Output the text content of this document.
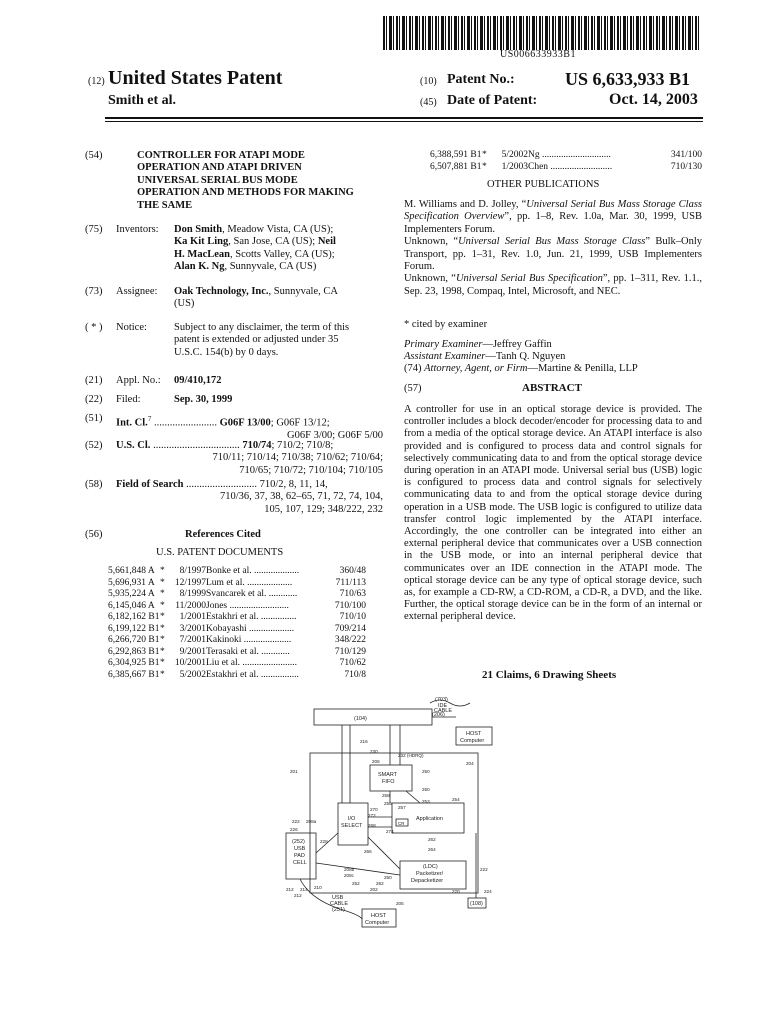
US006633933B1
(12) United States Patent
Smith et al.
(10) Patent No.:	US 6,633,933 B1
(45) Date of Patent:	Oct. 14, 2003
(54)	CONTROLLER FOR ATAPI MODE
OPERATION AND ATAPI DRIVEN
UNIVERSAL SERIAL BUS MODE
OPERATION AND METHODS FOR MAKING
THE SAME
(75) Inventors: Don Smith, Meadow Vista, CA (US);
Ka Kit Ling, San Jose, CA (US); Neil
H. MacLean, Scotts Valley, CA (US);
Alan K. Ng, Sunnyvale, CA (US)
(73) Assignee: Oak Technology, Inc., Sunnyvale, CA
(US)
( * ) Notice:	Subject to any disclaimer, the term of this
patent is extended or adjusted under 35
U.S.C. 154(b) by 0 days.
(21) Appl. No.: 09/410,172
(22) Filed:	Sep. 30, 1999
(51) Int. Cl.$^7$ ........................ G06F 13/00; G06F 13/12;
G06F 3/00; G06F 5/00
(52) U.S. Cl. ................................. 710/74; 710/2; 710/8;
710/11; 710/14; 710/38; 710/62; 710/64;
710/65; 710/72; 710/104; 710/105
(58) Field of Search ........................... 710/2, 8, 11, 14,
710/36, 37, 38, 62–65, 71, 72, 74, 104,
105, 107, 129; 348/222, 232
(56)	References Cited
U.S. PATENT DOCUMENTS
5,661,848 A *	8/1997 Bonke et al. ...................	360/48
5,696,931 A *	12/1997 Lum et al. ...................	711/113
5,935,224 A *	8/1999 Svancarek et al. ............	710/63
6,145,046 A *	11/2000 Jones .........................	710/100
6,182,162 B1 *	1/2001 Estakhri et al. ...............	710/10
6,199,122 B1 *	3/2001 Kobayashi ...................	709/214
6,266,720 B1 *	7/2001 Kakinoki ....................	348/222
6,292,863 B1 *	9/2001 Terasaki et al. ............	710/129
6,304,925 B1 *	10/2001 Liu et al. .......................	710/62
6,385,667 B1 *	5/2002 Estakhri et al. ................	710/8
6,388,591 B1 *	5/2002 Ng .............................	341/100
6,507,881 B1 *	1/2003 Chen ..........................	710/130
OTHER PUBLICATIONS
M. Williams and D. Jolley, “Universal Serial Bus Mass Storage Class Specification Overview”, pp. 1–8, Rev. 1.0a, Mar. 30, 1999, USB Implementers Forum.
Unknown, “Universal Serial Bus Mass Storage Class” Bulk–Only Transport, pp. 1–31, Rev. 1.0, Jun. 21, 1999, USB Implementers Forum.
Unknown, “Universal Serial Bus Specification”, pp. 1–311, Rev. 1.1., Sep. 23, 1998, Compaq, Intel, Microsoft, and NEC.
* cited by examiner
Primary Examiner—Jeffrey Gaffin
Assistant Examiner—Tanh Q. Nguyen
(74) Attorney, Agent, or Firm—Martine & Penilla, LLP
(57)	ABSTRACT
A controller for use in an optical storage device is provided. The controller includes a block decoder/encoder for processing data to and from a media of the optical storage device. An ATAPI interface is also provided and is configured to process data and control signals for selectively communicating data to and from the optical storage device during operation in an ATAPI mode. Universal serial bus (USB) logic is configured to process data and control signals for selectively communicating data to and from the optical storage device during operation in a USB mode. The USB logic is configured to utilize data transfer control logic implemented by the ATAPI interface. Accordingly, the one controller can be integrated into either an external peripheral device that communicates over a USB connection in the USB mode, or into an internal peripheral device that communicates over an IDE connection in the ATAPI mode. The optical storage device can be any type of optical storage device, such as, for example a CD-RW, a CD-ROM, a CD-R, a DVD, and the like. Further, the optical storage device can be in the form of an internal or external peripheral device.
21 Claims, 6 Drawing Sheets
(703)
IDE
CABLE
(206)
HOST
Computer
(104)
SMART
FIFO
I/O
SELECT
Application
CR
(252)
USB
PAD
CELL
(LDC)
Packetizer/
Depacketizer
USB
CABLE
(251)
HOST
Computer
(108)
216
230
232 (HDRQ)
201
206
258
250
204
256
257
260
253	254
270
272
268
222 208a
226
228
274
262
264
208b
208c
252
250
262
266
210
212 214	220
222
224
202
212
205
